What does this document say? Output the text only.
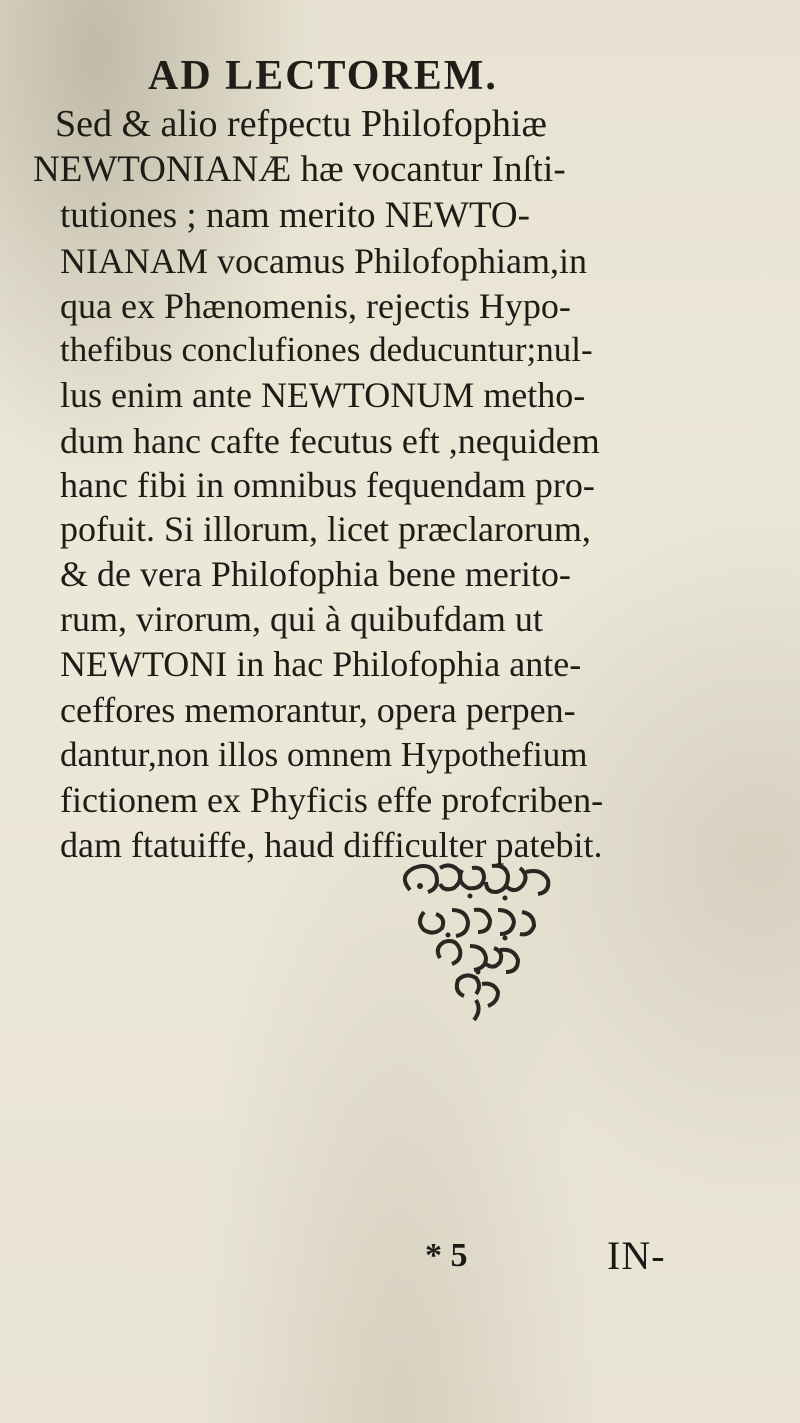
AD LECTOREM.
Sed & alio refpectu Philofophiæ
NEWTONIANÆ hæ vocantur Inſti-
tutiones ; nam merito NEWTO-
NIANAM vocamus Philofophiam,in
qua ex Phænomenis, rejectis Hypo-
thefibus conclufiones deducuntur;nul-
lus enim ante NEWTONUM metho-
dum hanc cafte fecutus eft ,nequidem
hanc fibi in omnibus fequendam pro-
pofuit. Si illorum, licet præclarorum,
& de vera Philofophia bene merito-
rum, virorum, qui à quibufdam ut
NEWTONI in hac Philofophia ante-
ceffores memorantur, opera perpen-
dantur,non illos omnem Hypothefium
fictionem ex Phyficis effe profcriben-
dam ftatuiffe, haud difficulter patebit.
* 5	IN-
